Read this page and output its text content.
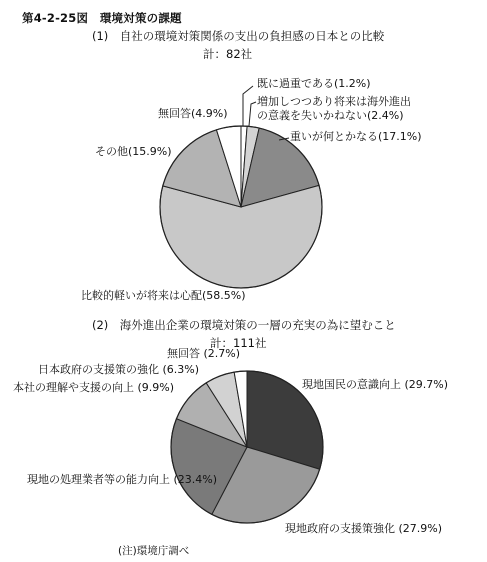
第4-2-25図　環境対策の課題
(1)　自社の環境対策関係の支出の負担感の日本との比較
計：82社
(2)　海外進出企業の環境対策の一層の充実の為に望むこと
計：111社
(注)環境庁調べ
既に過重である(1.2%)
増加しつつあり将来は海外進出
の意義を失いかねない(2.4%)
重いが何とかなる(17.1%)
比較的軽いが将来は心配(58.5%)
その他(15.9%)
無回答(4.9%)
現地国民の意識向上 (29.7%)
現地政府の支援策強化 (27.9%)
現地の処理業者等の能力向上 (23.4%)
本社の理解や支援の向上 (9.9%)
日本政府の支援策の強化 (6.3%)
無回答 (2.7%)
